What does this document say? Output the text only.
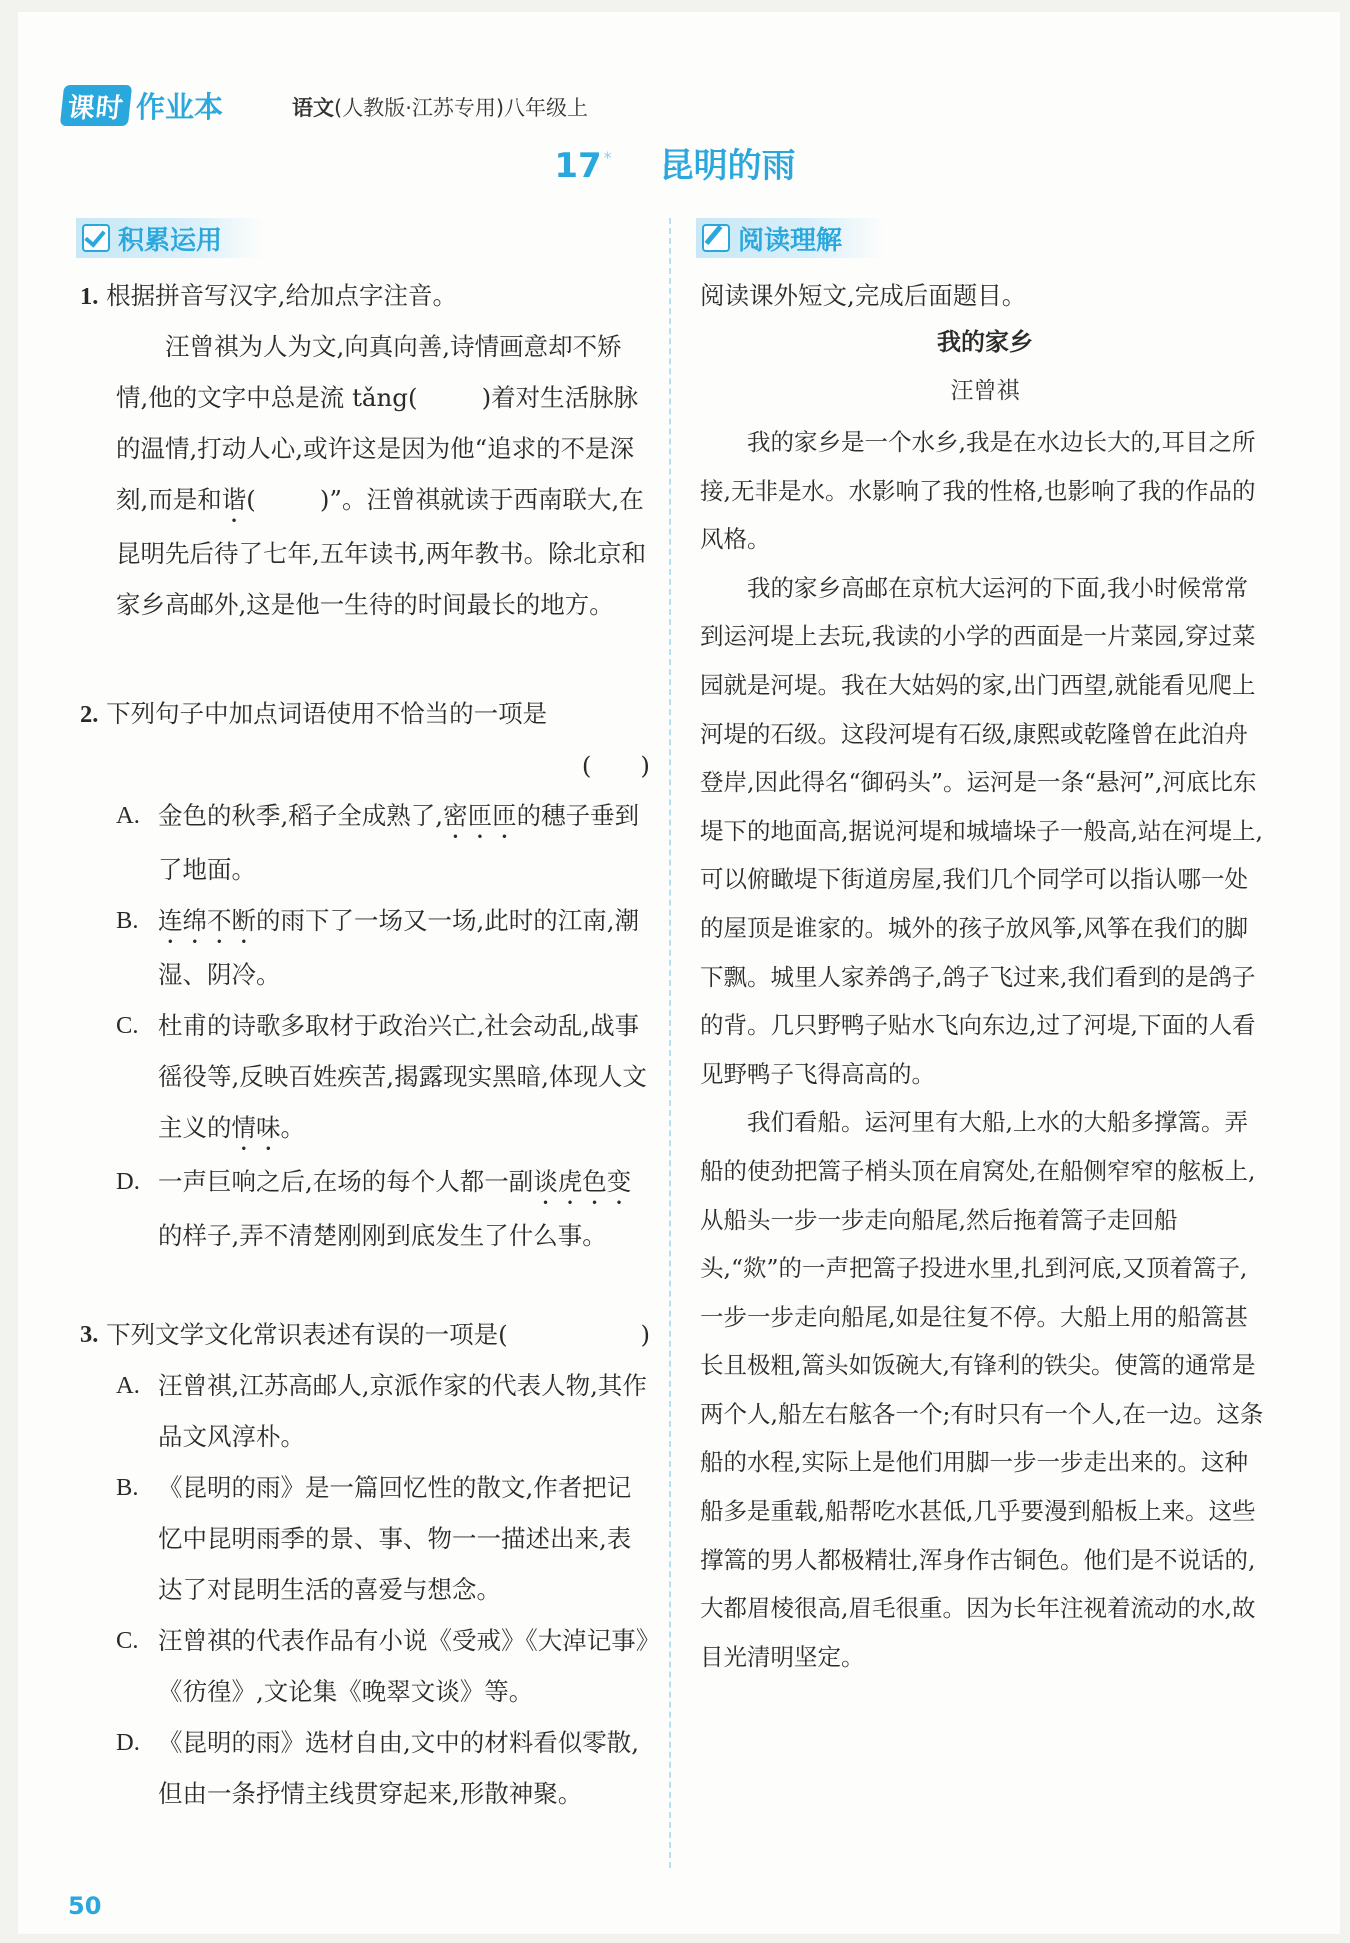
课时 作业本	语文(人教版·江苏专用)八年级上
17 * 昆明的雨
积累运用	阅读理解
1. 根据拼音写汉字,给加点字注音。
汪曾祺为人为文,向真向善,诗情画意却不矫情,他的文字中总是流 tǎng(	)着对生活脉脉的温情,打动人心,或许这是因为他“追求的不是深刻,而是和谐(	)”。汪曾祺就读于西南联大,在昆明先后待了七年,五年读书,两年教书。除北京和家乡高邮外,这是他一生待的时间最长的地方。
2. 下列句子中加点词语使用不恰当的一项是
(　　)
A. 金色的秋季,稻子全成熟了,密匝匝的穗子垂到了地面。
B. 连绵不断的雨下了一场又一场,此时的江南,潮湿、阴冷。
C. 杜甫的诗歌多取材于政治兴亡,社会动乱,战事徭役等,反映百姓疾苦,揭露现实黑暗,体现人文主义的情味。
D. 一声巨响之后,在场的每个人都一副谈虎色变的样子,弄不清楚刚刚到底发生了什么事。
3.
下列文学文化常识表述有误的一项是(	)
A. 汪曾祺,江苏高邮人,京派作家的代表人物,其作品文风淳朴。
B. 《昆明的雨》是一篇回忆性的散文,作者把记忆中昆明雨季的景、事、物一一描述出来,表达了对昆明生活的喜爱与想念。
C. 汪曾祺的代表作品有小说《受戒》《大淖记事》《彷徨》,文论集《晚翠文谈》等。
D. 《昆明的雨》选材自由,文中的材料看似零散,但由一条抒情主线贯穿起来,形散神聚。
阅读课外短文,完成后面题目。
我的家乡
汪曾祺
我的家乡是一个水乡,我是在水边长大的,耳目之所接,无非是水。水影响了我的性格,也影响了我的作品的风格。
我的家乡高邮在京杭大运河的下面,我小时候常常到运河堤上去玩,我读的小学的西面是一片菜园,穿过菜园就是河堤。我在大姑妈的家,出门西望,就能看见爬上河堤的石级。这段河堤有石级,康熙或乾隆曾在此泊舟登岸,因此得名“御码头”。运河是一条“悬河”,河底比东堤下的地面高,据说河堤和城墙垛子一般高,站在河堤上,可以俯瞰堤下街道房屋,我们几个同学可以指认哪一处的屋顶是谁家的。城外的孩子放风筝,风筝在我们的脚下飘。城里人家养鸽子,鸽子飞过来,我们看到的是鸽子的背。几只野鸭子贴水飞向东边,过了河堤,下面的人看见野鸭子飞得高高的。
我们看船。运河里有大船,上水的大船多撑篙。弄船的使劲把篙子梢头顶在肩窝处,在船侧窄窄的舷板上,从船头一步一步走向船尾,然后拖着篙子走回船头,“欻”的一声把篙子投进水里,扎到河底,又顶着篙子,一步一步走向船尾,如是往复不停。大船上用的船篙甚长且极粗,篙头如饭碗大,有锋利的铁尖。使篙的通常是两个人,船左右舷各一个;有时只有一个人,在一边。这条船的水程,实际上是他们用脚一步一步走出来的。这种船多是重载,船帮吃水甚低,几乎要漫到船板上来。这些撑篙的男人都极精壮,浑身作古铜色。他们是不说话的,大都眉棱很高,眉毛很重。因为长年注视着流动的水,故目光清明坚定。
50
